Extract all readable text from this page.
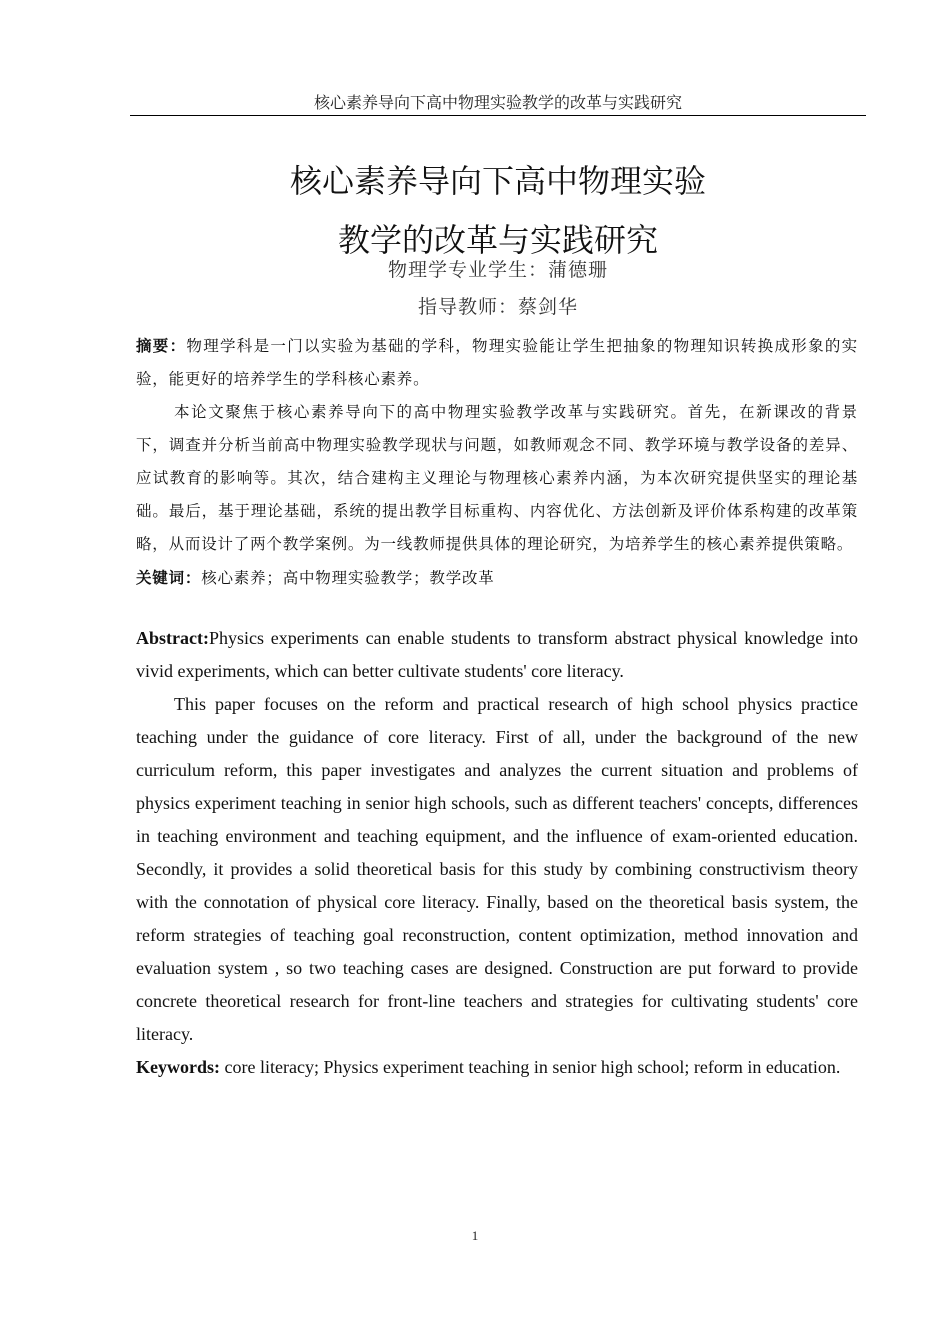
核心素养导向下高中物理实验教学的改革与实践研究
核心素养导向下高中物理实验
教学的改革与实践研究
物理学专业学生：蒲德珊
指导教师：蔡剑华

摘要：物理学科是一门以实验为基础的学科，物理实验能让学生把抽象的物理知识转换成形象的实验，能更好的培养学生的学科核心素养。

本论文聚焦于核心素养导向下的高中物理实验教学改革与实践研究。首先，在新课改的背景下，调查并分析当前高中物理实验教学现状与问题，如教师观念不同、教学环境与教学设备的差异、应试教育的影响等。其次，结合建构主义理论与物理核心素养内涵，为本次研究提供坚实的理论基础。最后，基于理论基础，系统的提出教学目标重构、内容优化、方法创新及评价体系构建的改革策略，从而设计了两个教学案例。为一线教师提供具体的理论研究，为培养学生的核心素养提供策略。

关键词：核心素养；高中物理实验教学；教学改革

Abstract:Physics experiments can enable students to transform abstract physical knowledge into vivid experiments, which can better cultivate students' core literacy.

This paper focuses on the reform and practical research of high school physics practice teaching under the guidance of core literacy. First of all, under the background of the new curriculum reform, this paper investigates and analyzes the current situation and problems of physics experiment teaching in senior high schools, such as different teachers' concepts, differences in teaching environment and teaching equipment, and the influence of exam-oriented education. Secondly, it provides a solid theoretical basis for this study by combining constructivism theory with the connotation of physical core literacy. Finally, based on the theoretical basis system, the reform strategies of teaching goal reconstruction, content optimization, method innovation and evaluation system , so two teaching cases are designed. Construction are put forward to provide concrete theoretical research for front-line teachers and strategies for cultivating students' core literacy.

Keywords: core literacy; Physics experiment teaching in senior high school; reform in education.

1
